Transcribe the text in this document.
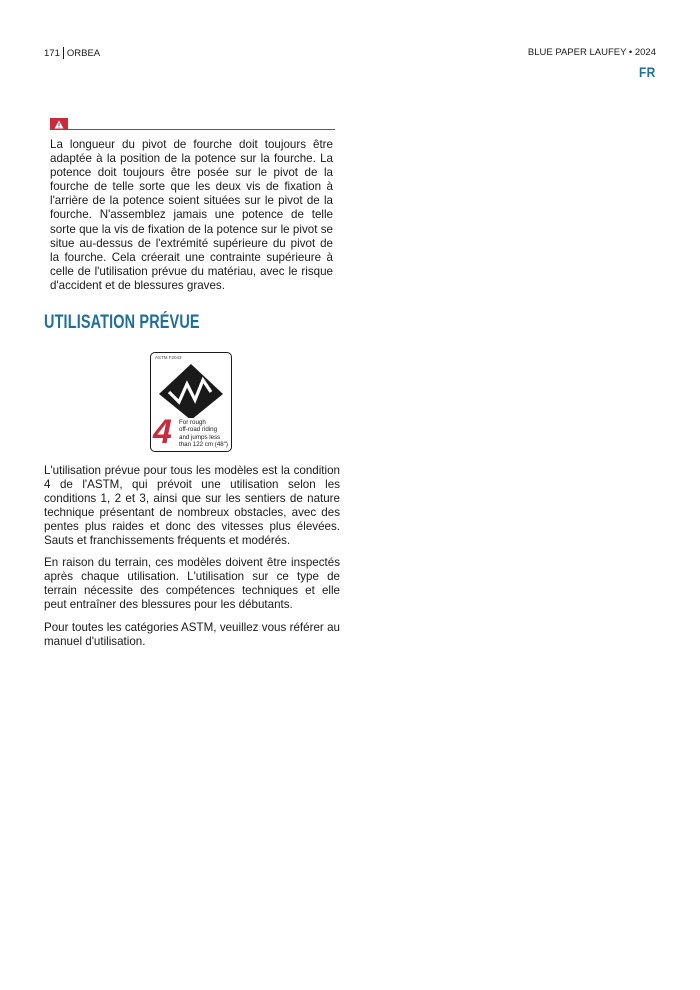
171 ORBEA	BLUE PAPER LAUFEY • 2024
FR

La longueur du pivot de fourche doit toujours être adaptée à la position de la potence sur la fourche. La potence doit toujours être posée sur le pivot de la fourche de telle sorte que les deux vis de fixation à l'arrière de la potence soient situées sur le pivot de la fourche. N'assemblez jamais une potence de telle sorte que la vis de fixation de la potence sur le pivot se situe au-dessus de l'extrémité supérieure du pivot de la fourche. Cela créerait une contrainte supérieure à celle de l'utilisation prévue du matériau, avec le risque d'accident et de blessures graves.

UTILISATION PRÉVUE
ASTM F2043
4 For rough
off-road riding
and jumps less
than 122 cm (48")

L'utilisation prévue pour tous les modèles est la condition 4 de l'ASTM, qui prévoit une utilisation selon les conditions 1, 2 et 3, ainsi que sur les sentiers de nature technique présentant de nombreux obstacles, avec des pentes plus raides et donc des vitesses plus élevées. Sauts et franchissements fréquents et modérés.

En raison du terrain, ces modèles doivent être inspectés après chaque utilisation. L'utilisation sur ce type de terrain nécessite des compétences techniques et elle peut entraîner des blessures pour les débutants.

Pour toutes les catégories ASTM, veuillez vous référer au manuel d'utilisation.
